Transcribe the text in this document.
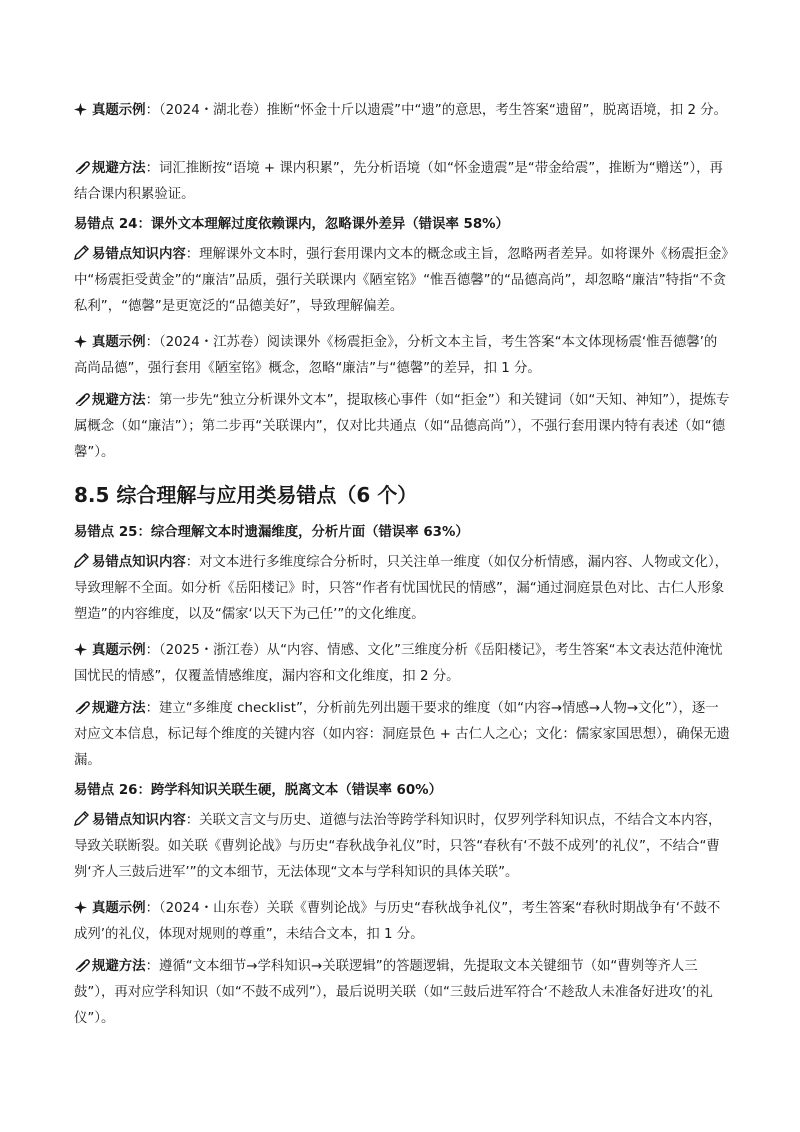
真题示例：（2024・湖北卷）推断“怀金十斤以遗震”中“遗”的意思，考生答案“遗留”，脱离语境，扣 2 分。
规避方法：词汇推断按“语境 + 课内积累”，先分析语境（如“怀金遗震”是“带金给震”，推断为“赠送”），再结合课内积累验证。
易错点 24：课外文本理解过度依赖课内，忽略课外差异（错误率 58%）
易错点知识内容：理解课外文本时，强行套用课内文本的概念或主旨，忽略两者差异。如将课外《杨震拒金》中“杨震拒受黄金”的“廉洁”品质，强行关联课内《陋室铭》“惟吾德馨”的“品德高尚”，却忽略“廉洁”特指“不贪私利”，“德馨”是更宽泛的“品德美好”，导致理解偏差。
真题示例：（2024・江苏卷）阅读课外《杨震拒金》，分析文本主旨，考生答案“本文体现杨震‘惟吾德馨’的高尚品德”，强行套用《陋室铭》概念，忽略“廉洁”与“德馨”的差异，扣 1 分。
规避方法：第一步先“独立分析课外文本”，提取核心事件（如“拒金”）和关键词（如“天知、神知”），提炼专属概念（如“廉洁”）；第二步再“关联课内”，仅对比共通点（如“品德高尚”），不强行套用课内特有表述（如“德馨”）。
8.5 综合理解与应用类易错点（6 个）
易错点 25：综合理解文本时遗漏维度，分析片面（错误率 63%）
易错点知识内容：对文本进行多维度综合分析时，只关注单一维度（如仅分析情感，漏内容、人物或文化），导致理解不全面。如分析《岳阳楼记》时，只答“作者有忧国忧民的情感”，漏“通过洞庭景色对比、古仁人形象塑造”的内容维度，以及“儒家‘以天下为己任’”的文化维度。
真题示例：（2025・浙江卷）从“内容、情感、文化”三维度分析《岳阳楼记》，考生答案“本文表达范仲淹忧国忧民的情感”，仅覆盖情感维度，漏内容和文化维度，扣 2 分。
规避方法：建立“多维度 checklist”，分析前先列出题干要求的维度（如“内容→情感→人物→文化”），逐一对应文本信息，标记每个维度的关键内容（如内容：洞庭景色 + 古仁人之心；文化：儒家家国思想），确保无遗漏。
易错点 26：跨学科知识关联生硬，脱离文本（错误率 60%）
易错点知识内容：关联文言文与历史、道德与法治等跨学科知识时，仅罗列学科知识点，不结合文本内容，导致关联断裂。如关联《曹刿论战》与历史“春秋战争礼仪”时，只答“春秋有‘不鼓不成列’的礼仪”，不结合“曹刿‘齐人三鼓后进军’”的文本细节，无法体现“文本与学科知识的具体关联”。
真题示例：（2024・山东卷）关联《曹刿论战》与历史“春秋战争礼仪”，考生答案“春秋时期战争有‘不鼓不成列’的礼仪，体现对规则的尊重”，未结合文本，扣 1 分。
规避方法：遵循“文本细节→学科知识→关联逻辑”的答题逻辑，先提取文本关键细节（如“曹刿等齐人三鼓”），再对应学科知识（如“不鼓不成列”），最后说明关联（如“三鼓后进军符合‘不趁敌人未准备好进攻’的礼仪”）。
